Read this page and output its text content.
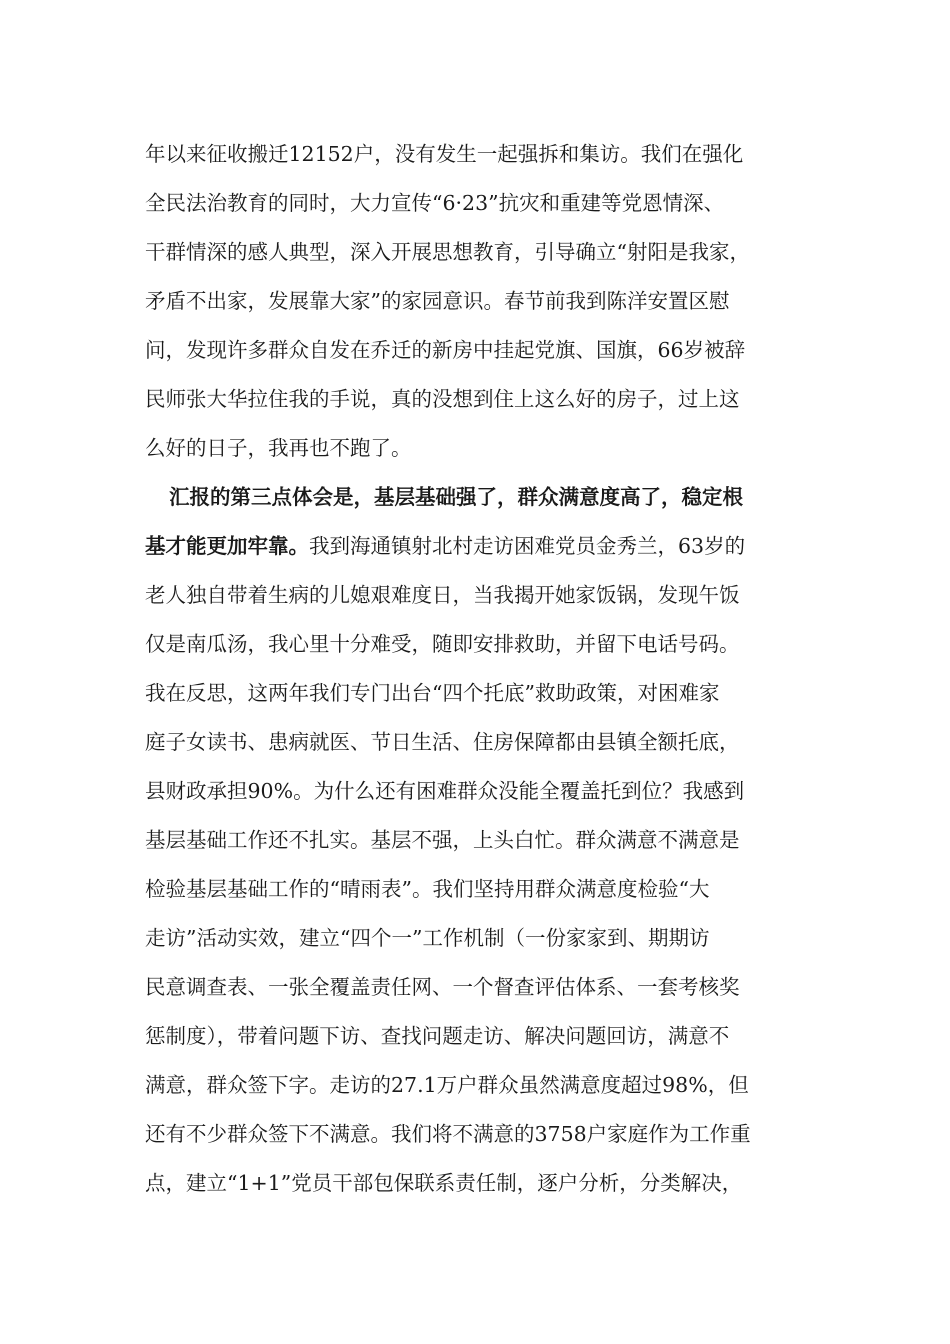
年以来征收搬迁12152户，没有发生一起强拆和集访。我们在强化
全民法治教育的同时，大力宣传“6·23”抗灾和重建等党恩情深、
干群情深的感人典型，深入开展思想教育，引导确立“射阳是我家，
矛盾不出家，发展靠大家”的家园意识。春节前我到陈洋安置区慰
问，发现许多群众自发在乔迁的新房中挂起党旗、国旗，66岁被辞
民师张大华拉住我的手说，真的没想到住上这么好的房子，过上这
么好的日子，我再也不跑了。
汇报的第三点体会是，基层基础强了，群众满意度高了，稳定根
基才能更加牢靠。我到海通镇射北村走访困难党员金秀兰，63岁的
老人独自带着生病的儿媳艰难度日，当我揭开她家饭锅，发现午饭
仅是南瓜汤，我心里十分难受，随即安排救助，并留下电话号码。
我在反思，这两年我们专门出台“四个托底”救助政策，对困难家
庭子女读书、患病就医、节日生活、住房保障都由县镇全额托底，
县财政承担90%。为什么还有困难群众没能全覆盖托到位？我感到
基层基础工作还不扎实。基层不强，上头白忙。群众满意不满意是
检验基层基础工作的“晴雨表”。我们坚持用群众满意度检验“大
走访”活动实效，建立“四个一”工作机制（一份家家到、期期访
民意调查表、一张全覆盖责任网、一个督查评估体系、一套考核奖
惩制度），带着问题下访、查找问题走访、解决问题回访，满意不
满意，群众签下字。走访的27.1万户群众虽然满意度超过98%，但
还有不少群众签下不满意。我们将不满意的3758户家庭作为工作重
点，建立“1+1”党员干部包保联系责任制，逐户分析，分类解决，
